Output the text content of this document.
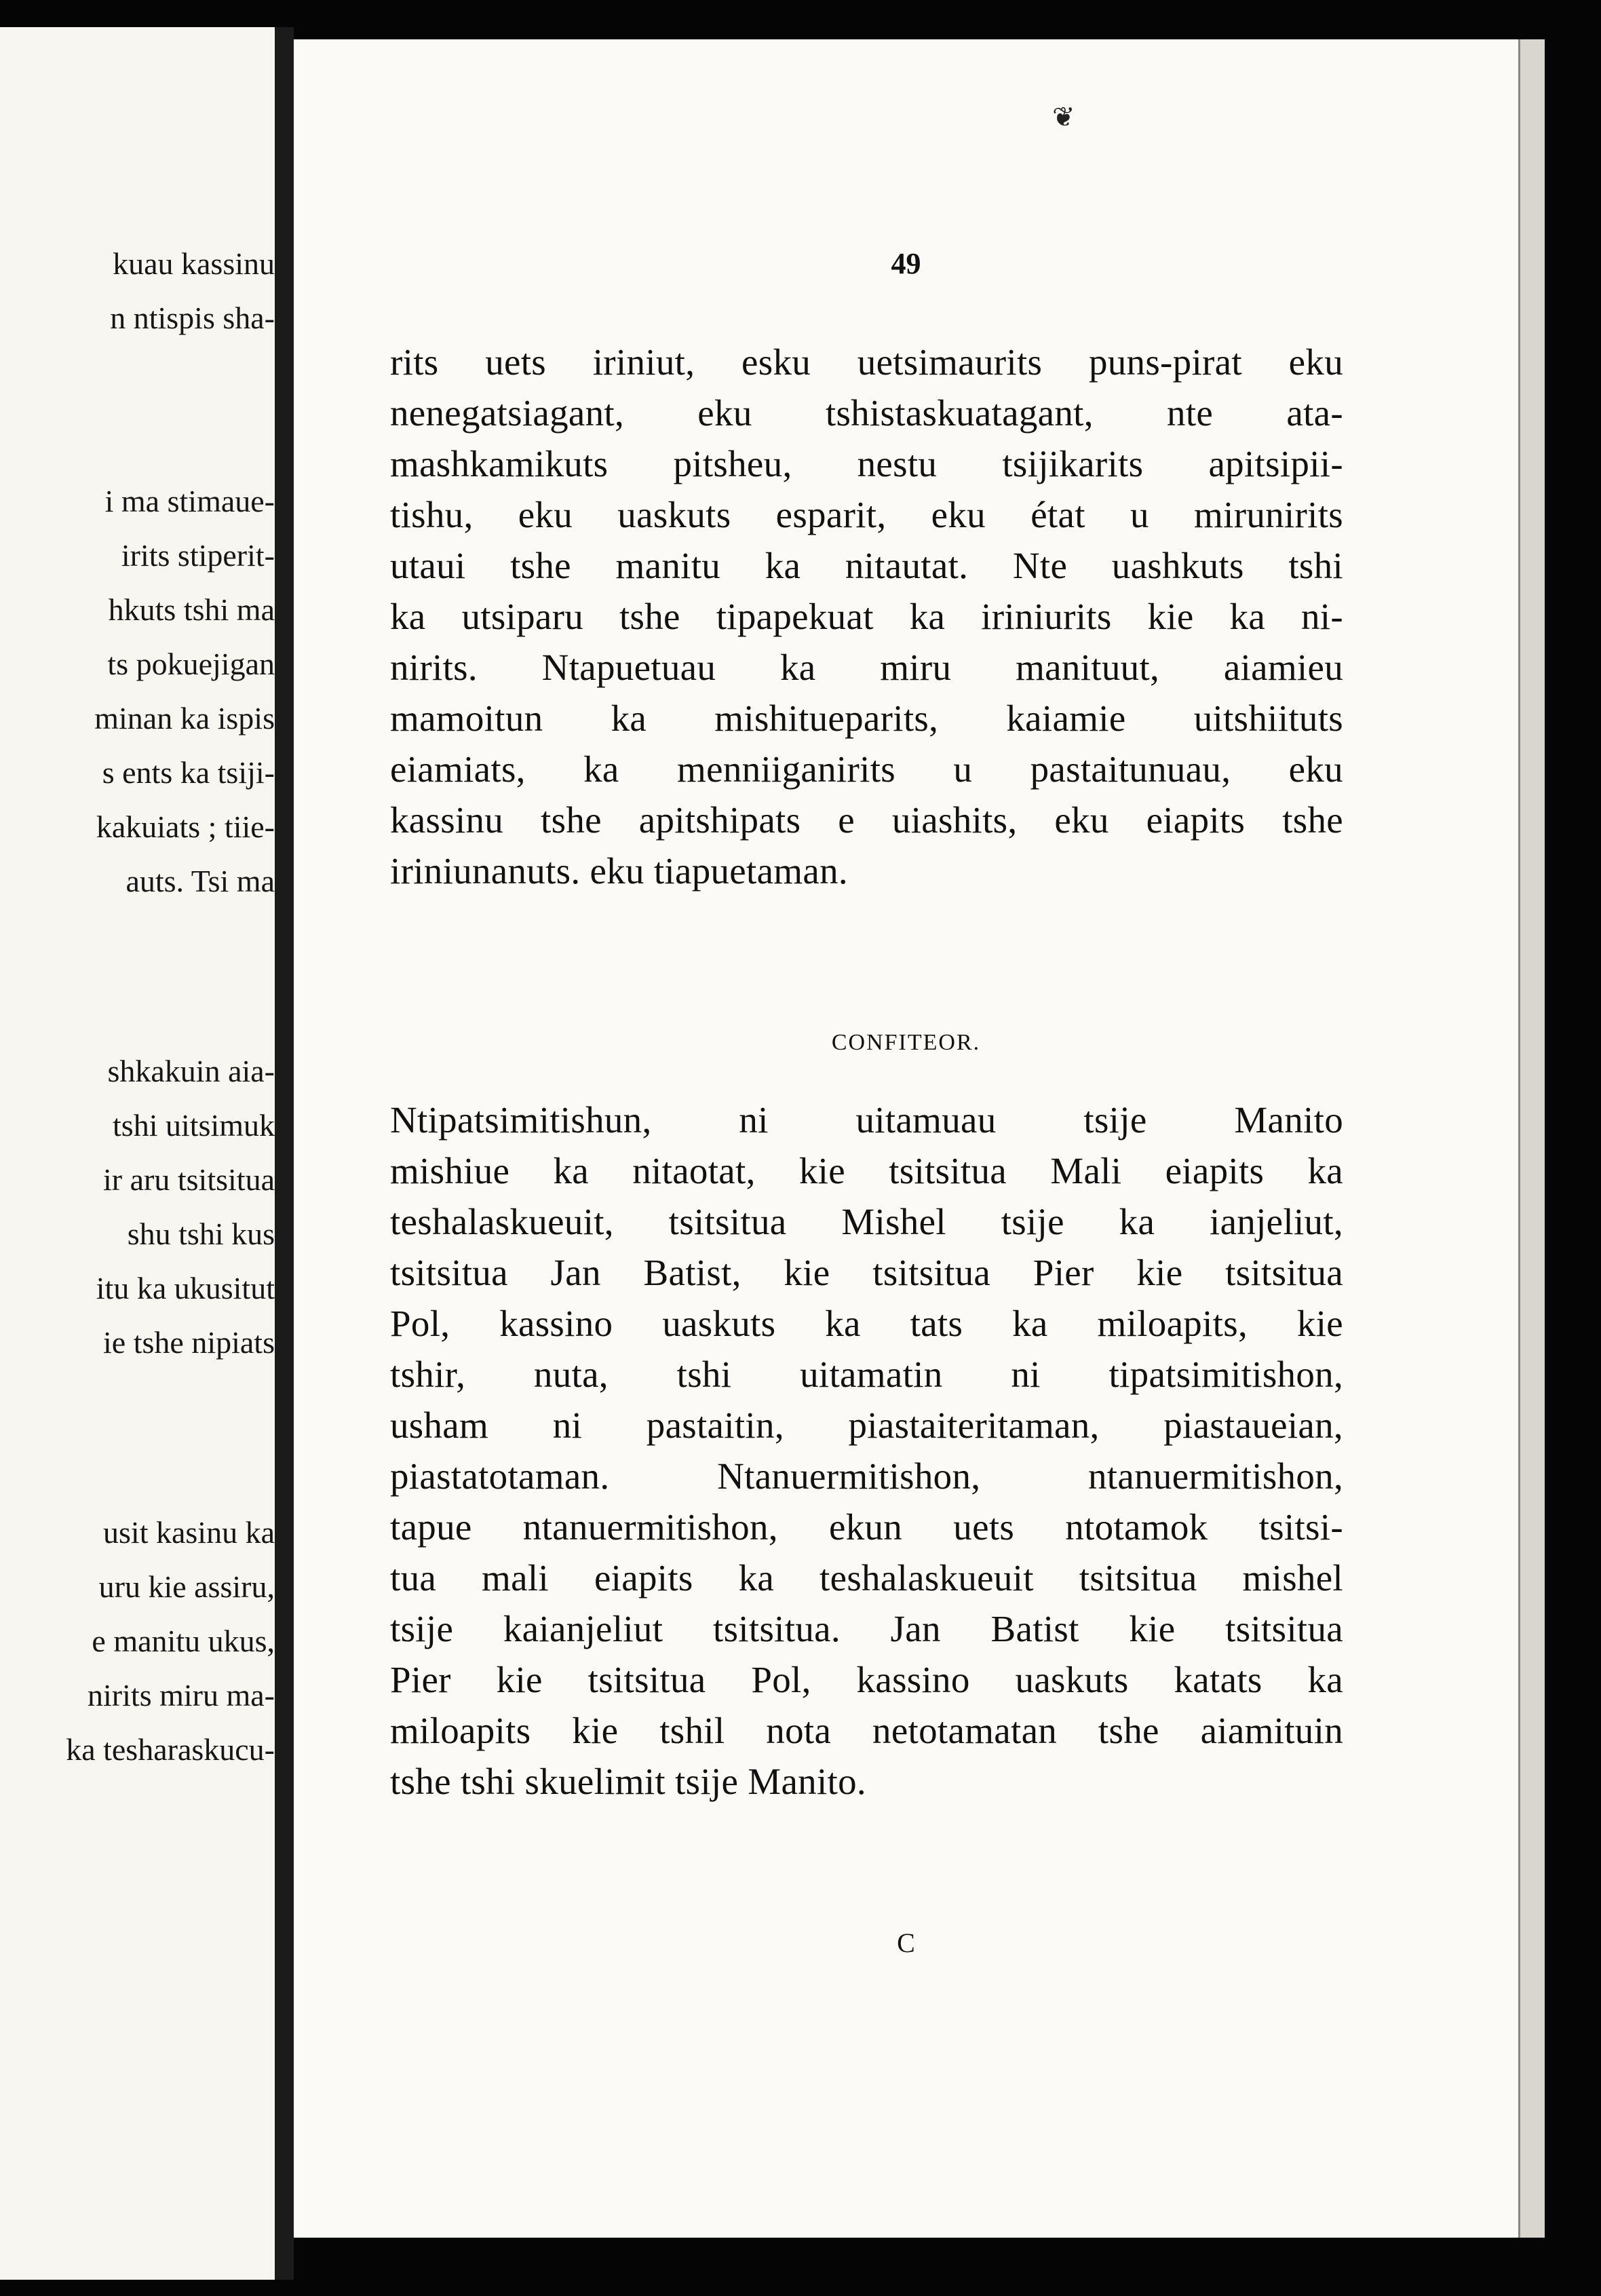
kuau kassinu
n ntispis sha-
i ma stimaue-
irits stiperit-
hkuts tshi ma
ts pokuejigan
minan ka ispis
s ents ka tsiji-
kakuiats ; tiie-
auts. Tsi ma
shkakuin aia-
tshi uitsimuk
ir aru tsitsitua
shu tshi kus
itu ka ukusitut
ie tshe nipiats
usit kasinu ka
uru kie assiru,
e manitu ukus,
nirits miru ma-
ka tesharaskucu-
❦
49
rits uets iriniut, esku uetsimaurits puns-pirat eku
nenegatsiagant, eku tshistaskuatagant, nte ata-
mashkamikuts pitsheu, nestu tsijikarits apitsipii-
tishu, eku uaskuts esparit, eku état u mirunirits
utaui tshe manitu ka nitautat. Nte uashkuts tshi
ka utsiparu tshe tipapekuat ka iriniurits kie ka ni-
nirits. Ntapuetuau ka miru manituut, aiamieu
mamoitun ka mishitueparits, kaiamie uitshiituts
eiamiats, ka menniiganirits u pastaitunuau, eku
kassinu tshe apitshipats e uiashits, eku eiapits tshe
iriniunanuts. eku tiapuetaman.
CONFITEOR.
Ntipatsimitishun, ni uitamuau tsije Manito
mishiue ka nitaotat, kie tsitsitua Mali eiapits ka
teshalaskueuit, tsitsitua Mishel tsije ka ianjeliut,
tsitsitua Jan Batist, kie tsitsitua Pier kie tsitsitua
Pol, kassino uaskuts ka tats ka miloapits, kie
tshir, nuta, tshi uitamatin ni tipatsimitishon,
usham ni pastaitin, piastaiteritaman, piastaueian,
piastatotaman. Ntanuermitishon, ntanuermitishon,
tapue ntanuermitishon, ekun uets ntotamok tsitsi-
tua mali eiapits ka teshalaskueuit tsitsitua mishel
tsije kaianjeliut tsitsitua. Jan Batist kie tsitsitua
Pier kie tsitsitua Pol, kassino uaskuts katats ka
miloapits kie tshil nota netotamatan tshe aiamituin
tshe tshi skuelimit tsije Manito.
C
